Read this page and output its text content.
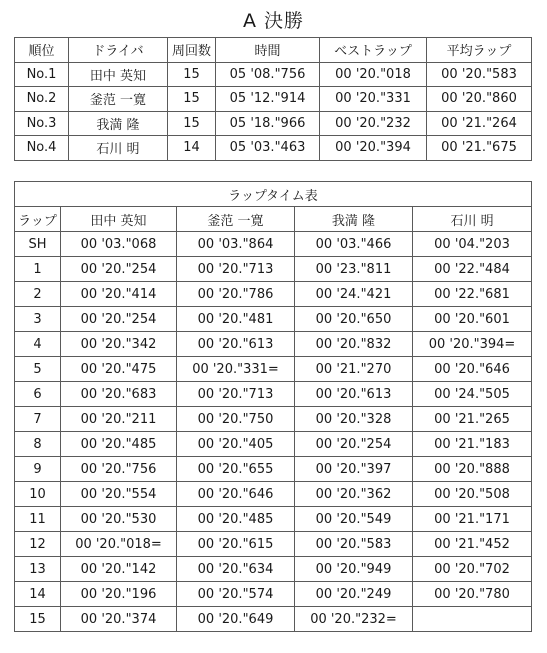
A 決勝
順位	ドライバ	周回数	時間	ベストラップ	平均ラップ
No.1	田中 英知	15	05 '08."756	00 '20."018	00 '20."583
No.2	釜范 一寛	15	05 '12."914	00 '20."331	00 '20."860
No.3	我満 隆	15	05 '18."966	00 '20."232	00 '21."264
No.4	石川 明	14	05 '03."463	00 '20."394	00 '21."675
ラップタイム表				
ラップ	田中 英知	釜范 一寛	我満 隆	石川 明
SH	00 '03."068	00 '03."864	00 '03."466	00 '04."203
1	00 '20."254	00 '20."713	00 '23."811	00 '22."484
2	00 '20."414	00 '20."786	00 '24."421	00 '22."681
3	00 '20."254	00 '20."481	00 '20."650	00 '20."601
4	00 '20."342	00 '20."613	00 '20."832	00 '20."394=
5	00 '20."475	00 '20."331=	00 '21."270	00 '20."646
6	00 '20."683	00 '20."713	00 '20."613	00 '24."505
7	00 '20."211	00 '20."750	00 '20."328	00 '21."265
8	00 '20."485	00 '20."405	00 '20."254	00 '21."183
9	00 '20."756	00 '20."655	00 '20."397	00 '20."888
10	00 '20."554	00 '20."646	00 '20."362	00 '20."508
11	00 '20."530	00 '20."485	00 '20."549	00 '21."171
12	00 '20."018=	00 '20."615	00 '20."583	00 '21."452
13	00 '20."142	00 '20."634	00 '20."949	00 '20."702
14	00 '20."196	00 '20."574	00 '20."249	00 '20."780
15	00 '20."374	00 '20."649	00 '20."232=	
